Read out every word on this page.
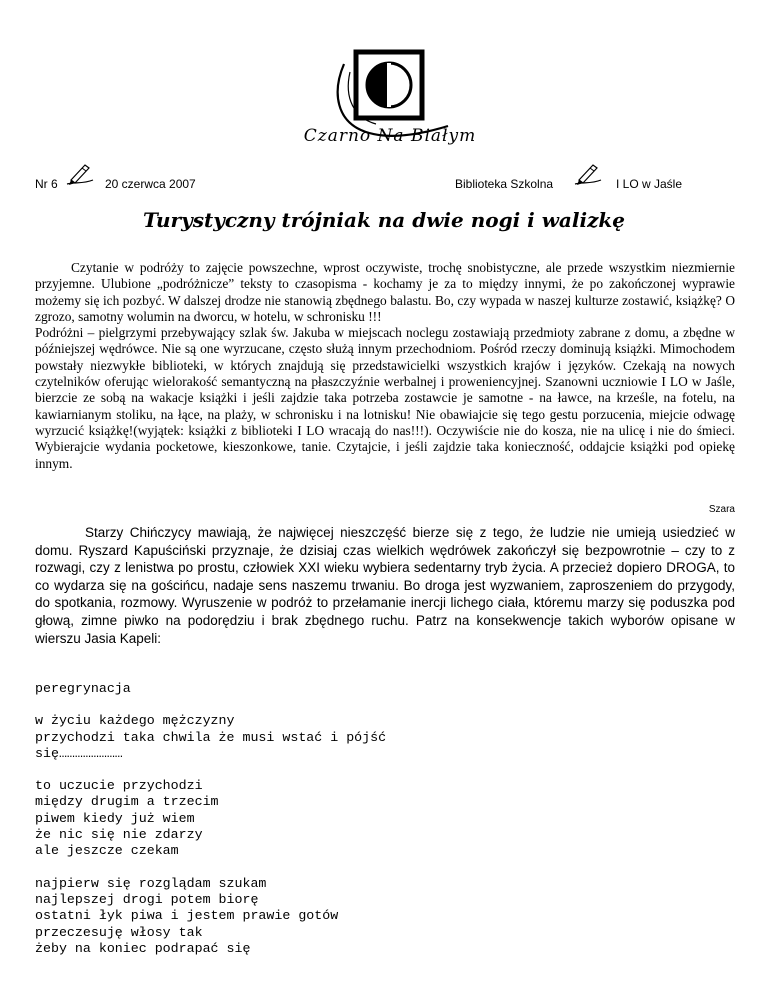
Czarno Na Białym
Nr 6	20 czerwca 2007	Biblioteka Szkolna	I LO w Jaśle
Turystyczny trójniak na dwie nogi i walizkę

Czytanie w podróży to zajęcie powszechne, wprost oczywiste, trochę snobistyczne, ale przede wszystkim niezmiernie przyjemne. Ulubione „podróżnicze” teksty to czasopisma - kochamy je za to między innymi, że po zakończonej wyprawie możemy się ich pozbyć. W dalszej drodze nie stanowią zbędnego balastu. Bo, czy wypada w naszej kulturze zostawić, książkę? O zgrozo, samotny wolumin na dworcu, w hotelu, w schronisku !!!

Podróżni – pielgrzymi przebywający szlak św. Jakuba w miejscach noclegu zostawiają przedmioty zabrane z domu, a zbędne w późniejszej wędrówce. Nie są one wyrzucane, często służą innym przechodniom. Pośród rzeczy dominują książki. Mimochodem powstały niezwykłe biblioteki, w których znajdują się przedstawicielki wszystkich krajów i języków. Czekają na nowych czytelników oferując wielorakość semantyczną na płaszczyźnie werbalnej i proweniencyjnej. Szanowni uczniowie I LO w Jaśle, bierzcie ze sobą na wakacje książki i jeśli zajdzie taka potrzeba zostawcie je samotne - na ławce, na krześle, na fotelu, na kawiarnianym stoliku, na łące, na plaży, w schronisku i na lotnisku! Nie obawiajcie się tego gestu porzucenia, miejcie odwagę wyrzucić książkę!(wyjątek: książki z biblioteki I LO wracają do nas!!!). Oczywiście nie do kosza, nie na ulicę i nie do śmieci. Wybierajcie wydania pocketowe, kieszonkowe, tanie. Czytajcie, i jeśli zajdzie taka konieczność, oddajcie książki pod opiekę innym.

Szara

Starzy Chińczycy mawiają, że najwięcej nieszczęść bierze się z tego, że ludzie nie umieją usiedzieć w domu. Ryszard Kapuściński przyznaje, że dzisiaj czas wielkich wędrówek zakończył się bezpowrotnie – czy to z rozwagi, czy z lenistwa po prostu, człowiek XXI wieku wybiera sedentarny tryb życia. A przecież dopiero DROGA, to co wydarza się na gościńcu, nadaje sens naszemu trwaniu. Bo droga jest wyzwaniem, zaproszeniem do przygody, do spotkania, rozmowy. Wyruszenie w podróż to przełamanie inercji lichego ciała, któremu marzy się poduszka pod głową, zimne piwko na podorędziu i brak zbędnego ruchu. Patrz na konsekwencje takich wyborów opisane w wierszu Jasia Kapeli:

peregrynacja
w życiu każdego mężczyzny
przychodzi taka chwila że musi wstać i pójść
się……………………
to uczucie przychodzi
między drugim a trzecim
piwem kiedy już wiem
że nic się nie zdarzy
ale jeszcze czekam
najpierw się rozglądam szukam
najlepszej drogi potem biorę
ostatni łyk piwa i jestem prawie gotów
przeczesuję włosy tak
żeby na koniec podrapać się
